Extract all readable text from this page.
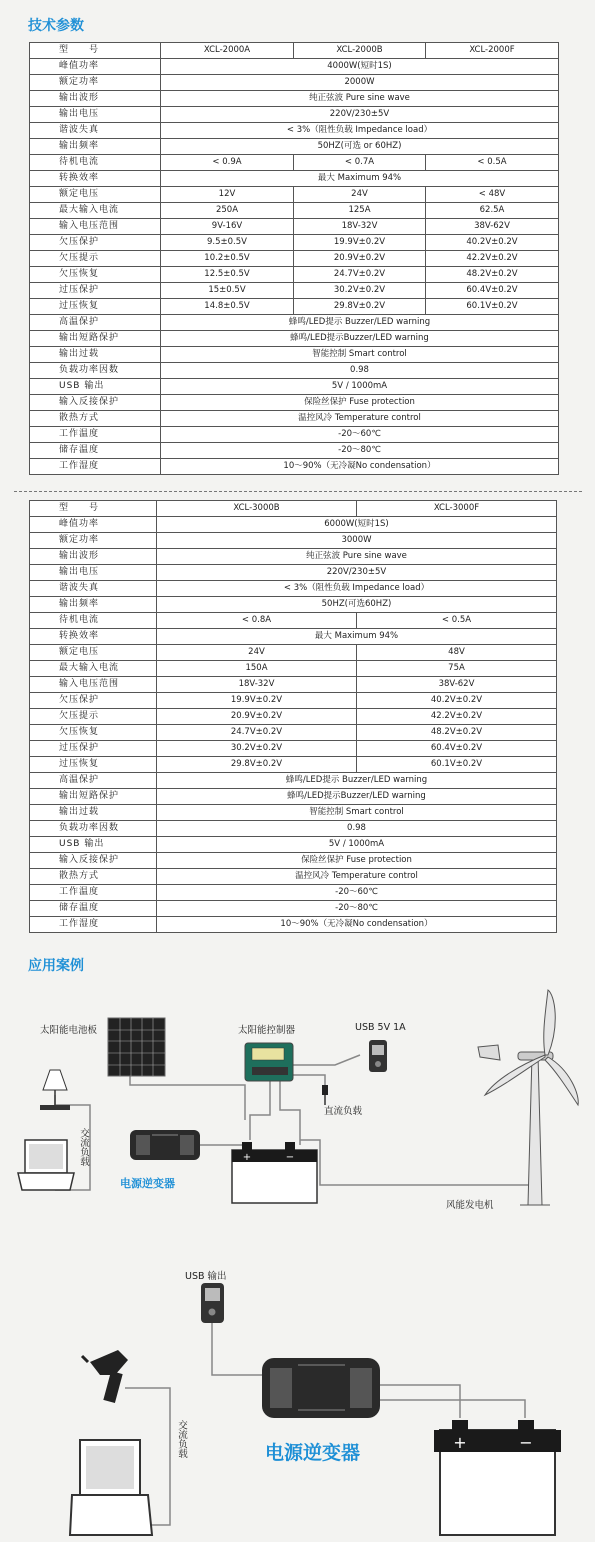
技术参数
型　　号	XCL-2000A	XCL-2000B	XCL-2000F
峰值功率	4000W(短时1S)		
额定功率	2000W		
输出波形	纯正弦波 Pure sine wave		
输出电压	220V/230±5V		
谐波失真	< 3%（阻性负载 Impedance load）		
输出频率	50HZ(可选 or 60HZ)		
待机电流	< 0.9A	< 0.7A	< 0.5A
转换效率	最大 Maximum 94%		
额定电压	12V	24V	< 48V
最大输入电流	250A	125A	62.5A
输入电压范围	9V-16V	18V-32V	38V-62V
欠压保护	9.5±0.5V	19.9V±0.2V	40.2V±0.2V
欠压提示	10.2±0.5V	20.9V±0.2V	42.2V±0.2V
欠压恢复	12.5±0.5V	24.7V±0.2V	48.2V±0.2V
过压保护	15±0.5V	30.2V±0.2V	60.4V±0.2V
过压恢复	14.8±0.5V	29.8V±0.2V	60.1V±0.2V
高温保护	蜂鸣/LED提示 Buzzer/LED warning		
输出短路保护	蜂鸣/LED提示Buzzer/LED warning		
输出过载	智能控制 Smart control		
负载功率因数	0.98		
USB 输出	5V / 1000mA		
输入反接保护	保险丝保护 Fuse protection		
散热方式	温控风冷 Temperature control		
工作温度	-20～60℃		
储存温度	-20～80℃		
工作湿度	10～90%（无冷凝No condensation）		
型　　号	XCL-3000B	XCL-3000F
峰值功率	6000W(短时1S)	
额定功率	3000W	
输出波形	纯正弦波 Pure sine wave	
输出电压	220V/230±5V	
谐波失真	< 3%（阻性负载 Impedance load）	
输出频率	50HZ(可选60HZ)	
待机电流	< 0.8A	< 0.5A
转换效率	最大 Maximum 94%	
额定电压	24V	48V
最大输入电流	150A	75A
输入电压范围	18V-32V	38V-62V
欠压保护	19.9V±0.2V	40.2V±0.2V
欠压提示	20.9V±0.2V	42.2V±0.2V
欠压恢复	24.7V±0.2V	48.2V±0.2V
过压保护	30.2V±0.2V	60.4V±0.2V
过压恢复	29.8V±0.2V	60.1V±0.2V
高温保护	蜂鸣/LED提示 Buzzer/LED warning	
输出短路保护	蜂鸣/LED提示Buzzer/LED warning	
输出过载	智能控制 Smart control	
负载功率因数	0.98	
USB 输出	5V / 1000mA	
输入反接保护	保险丝保护 Fuse protection	
散热方式	温控风冷 Temperature control	
工作温度	-20～60℃	
储存温度	-20～80℃	
工作湿度	10～90%（无冷凝No condensation）	
应用案例
+	−
太阳能电池板	太阳能控制器	USB 5V 1A
直流负载
交流负载
电源逆变器
风能发电机
+	−
USB 输出
交流负载	电源逆变器
